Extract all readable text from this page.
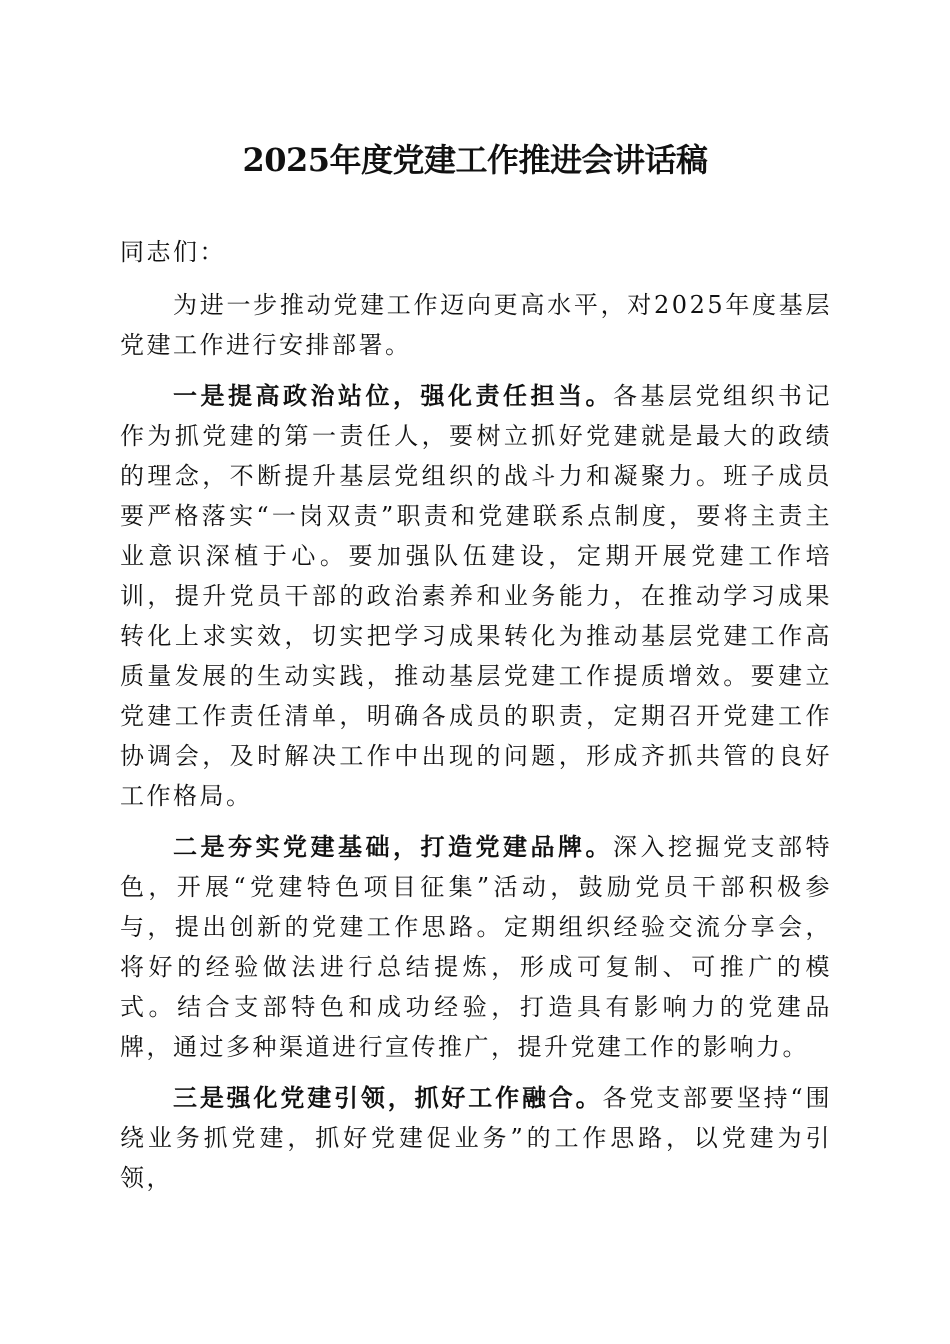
2025年度党建工作推进会讲话稿

同志们：

为进一步推动党建工作迈向更高水平，对2025年度基层党建工作进行安排部署。

一是提高政治站位，强化责任担当。各基层党组织书记作为抓党建的第一责任人，要树立抓好党建就是最大的政绩的理念，不断提升基层党组织的战斗力和凝聚力。班子成员要严格落实“一岗双责”职责和党建联系点制度，要将主责主业意识深植于心。要加强队伍建设，定期开展党建工作培训，提升党员干部的政治素养和业务能力，在推动学习成果转化上求实效，切实把学习成果转化为推动基层党建工作高质量发展的生动实践，推动基层党建工作提质增效。要建立党建工作责任清单，明确各成员的职责，定期召开党建工作协调会，及时解决工作中出现的问题，形成齐抓共管的良好工作格局。

二是夯实党建基础，打造党建品牌。深入挖掘党支部特色，开展“党建特色项目征集”活动，鼓励党员干部积极参与，提出创新的党建工作思路。定期组织经验交流分享会，将好的经验做法进行总结提炼，形成可复制、可推广的模式。结合支部特色和成功经验，打造具有影响力的党建品牌，通过多种渠道进行宣传推广，提升党建工作的影响力。

三是强化党建引领，抓好工作融合。各党支部要坚持“围绕业务抓党建，抓好党建促业务”的工作思路，以党建为引领，
